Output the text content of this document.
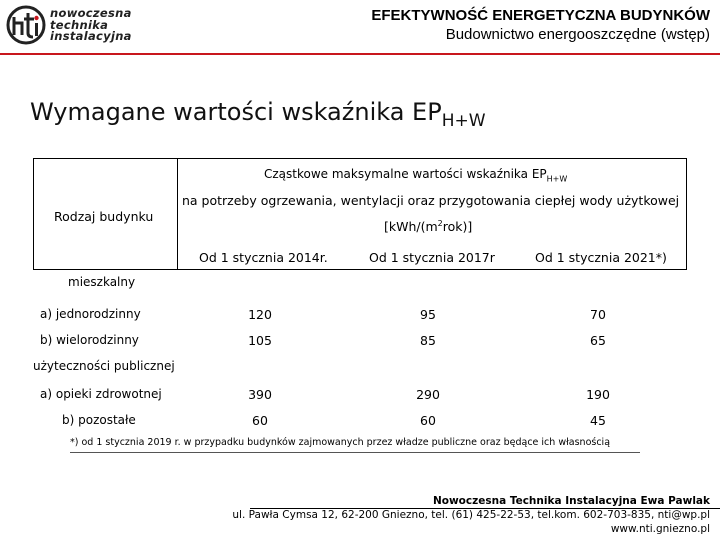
nowoczesna
technika
instalacyjna
EFEKTYWNOŚĆ ENERGETYCZNA BUDYNKÓW
Budownictwo energooszczędne (wstęp)
Wymagane wartości wskaźnika $EP_{H+W}$
Rodzaj budynku
Cząstkowe maksymalne wartości wskaźnika $EP_{H+W}$
na potrzeby ogrzewania, wentylacji oraz przygotowania ciepłej wody użytkowej
$[kWh/(m^2rok)]$
Od 1 stycznia 2014r.	Od 1 stycznia 2017r	Od 1 stycznia 2021*)
mieszkalny
a) jednorodzinny	120	95	70
b) wielorodzinny	105	85	65
użyteczności publicznej
a) opieki zdrowotnej	390	290	190
b) pozostałe	60	60	45
*) od 1 stycznia 2019 r. w przypadku budynków zajmowanych przez władze publiczne oraz będące ich własnością
Nowoczesna Technika Instalacyjna Ewa Pawlak
ul. Pawła Cymsa 12, 62-200 Gniezno, tel. (61) 425-22-53, tel.kom. 602-703-835, nti@wp.pl
www.nti.gniezno.pl
